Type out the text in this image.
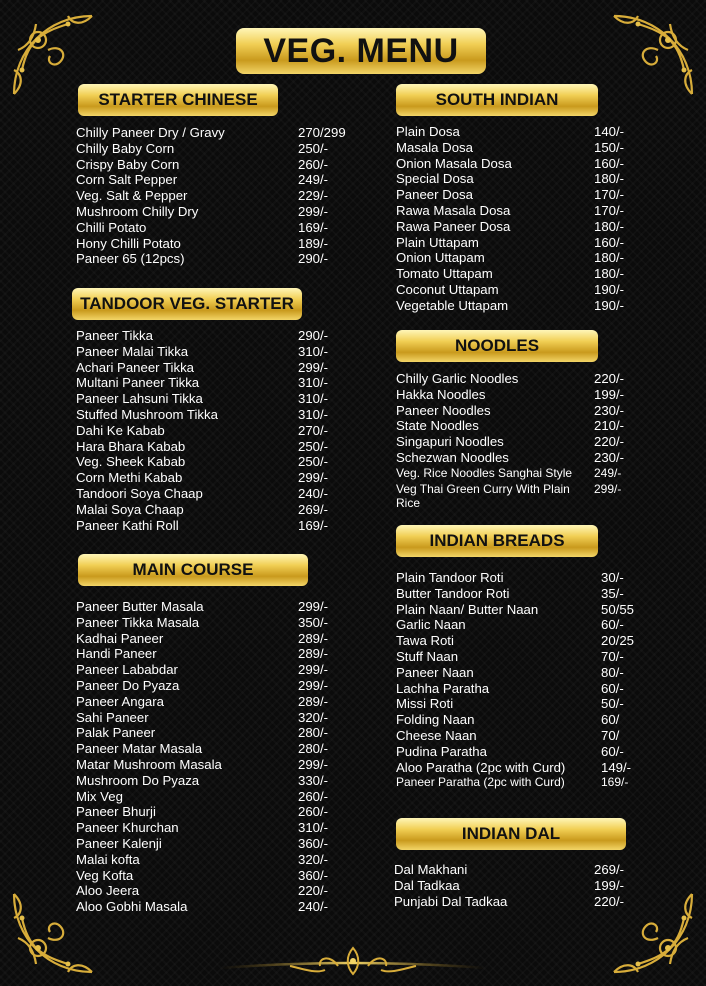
VEG. MENU
STARTER CHINESE
Chilly Paneer Dry / Gravy	270/299
Chilly Baby Corn	250/-
Crispy Baby Corn	260/-
Corn Salt Pepper	249/-
Veg. Salt & Pepper	229/-
Mushroom Chilly Dry	299/-
Chilli Potato	169/-
Hony Chilli Potato	189/-
Paneer 65 (12pcs)	290/-
TANDOOR VEG. STARTER
Paneer Tikka	290/-
Paneer Malai Tikka	310/-
Achari Paneer Tikka	299/-
Multani Paneer Tikka	310/-
Paneer Lahsuni Tikka	310/-
Stuffed Mushroom Tikka	310/-
Dahi Ke Kabab	270/-
Hara Bhara Kabab	250/-
Veg. Sheek Kabab	250/-
Corn Methi Kabab	299/-
Tandoori Soya Chaap	240/-
Malai Soya Chaap	269/-
Paneer Kathi Roll	169/-
MAIN COURSE
Paneer Butter Masala	299/-
Paneer Tikka Masala	350/-
Kadhai Paneer	289/-
Handi Paneer	289/-
Paneer Lababdar	299/-
Paneer Do Pyaza	299/-
Paneer Angara	289/-
Sahi Paneer	320/-
Palak Paneer	280/-
Paneer Matar Masala	280/-
Matar Mushroom Masala	299/-
Mushroom Do Pyaza	330/-
Mix Veg	260/-
Paneer Bhurji	260/-
Paneer Khurchan	310/-
Paneer Kalenji	360/-
Malai kofta	320/-
Veg Kofta	360/-
Aloo Jeera	220/-
Aloo Gobhi Masala	240/-
SOUTH INDIAN
Plain Dosa	140/-
Masala Dosa	150/-
Onion Masala Dosa	160/-
Special Dosa	180/-
Paneer Dosa	170/-
Rawa Masala Dosa	170/-
Rawa Paneer Dosa	180/-
Plain Uttapam	160/-
Onion Uttapam	180/-
Tomato Uttapam	180/-
Coconut Uttapam	190/-
Vegetable Uttapam	190/-
NOODLES
Chilly Garlic Noodles	220/-
Hakka Noodles	199/-
Paneer Noodles	230/-
State Noodles	210/-
Singapuri Noodles	220/-
Schezwan Noodles	230/-
Veg. Rice Noodles Sanghai Style 249/-
Veg Thai Green Curry With Plain Rice
299/-
INDIAN BREADS
Plain Tandoor Roti	30/-
Butter Tandoor Roti	35/-
Plain Naan/ Butter Naan	50/55
Garlic Naan	60/-
Tawa Roti	20/25
Stuff Naan	70/-
Paneer Naan	80/-
Lachha Paratha	60/-
Missi Roti	50/-
Folding Naan	60/
Cheese Naan	70/
Pudina Paratha	60/-
Aloo Paratha (2pc with Curd)	149/-
Paneer Paratha (2pc with Curd)	169/-
INDIAN DAL
Dal Makhani	269/-
Dal Tadkaa	199/-
Punjabi Dal Tadkaa	220/-
